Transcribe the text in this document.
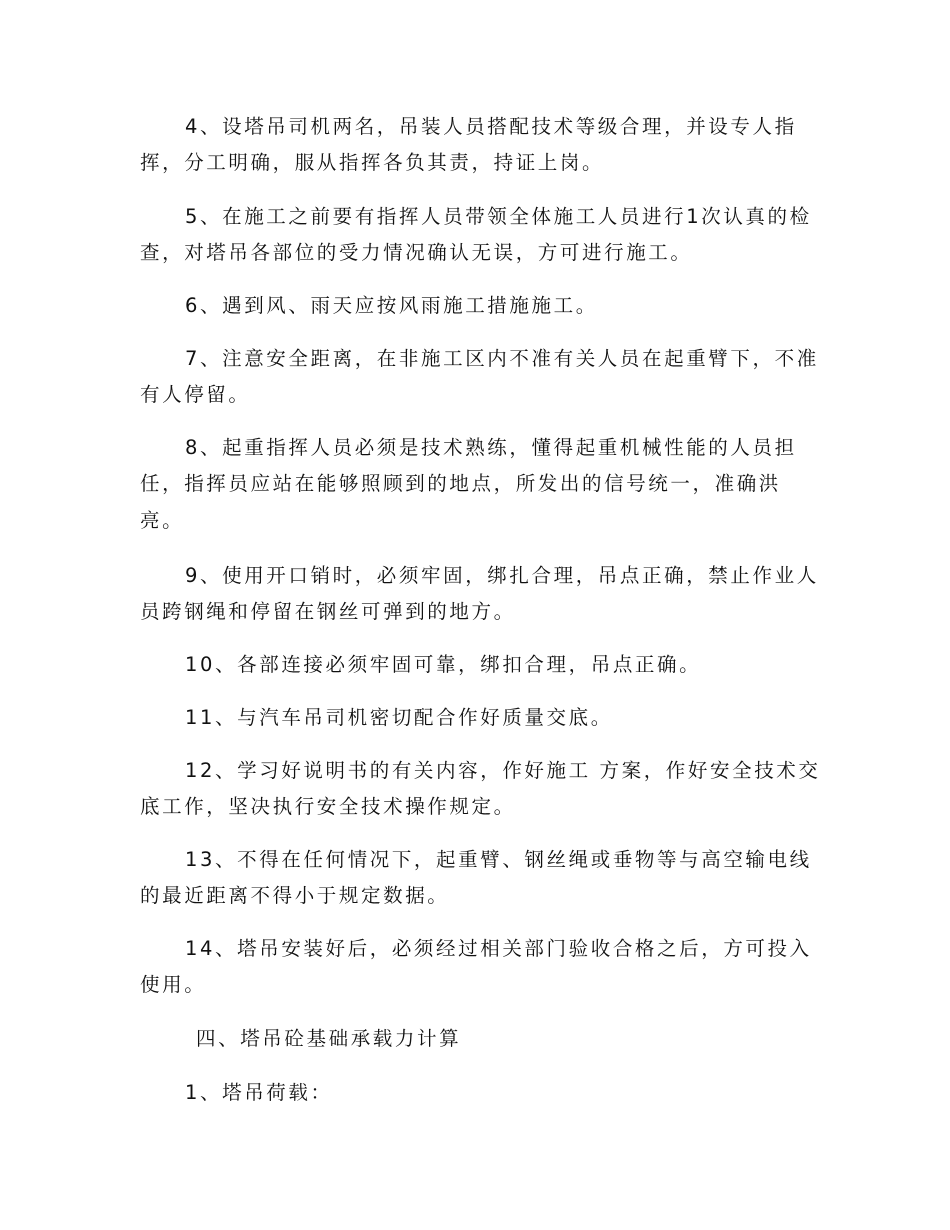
4、设塔吊司机两名，吊装人员搭配技术等级合理，并设专人指
挥，分工明确，服从指挥各负其责，持证上岗。
5、在施工之前要有指挥人员带领全体施工人员进行1次认真的检
查，对塔吊各部位的受力情况确认无误，方可进行施工。
6、遇到风、雨天应按风雨施工措施施工。
7、注意安全距离，在非施工区内不准有关人员在起重臂下，不准
有人停留。
8、起重指挥人员必须是技术熟练，懂得起重机械性能的人员担
任，指挥员应站在能够照顾到的地点，所发出的信号统一，准确洪
亮。
9、使用开口销时，必须牢固，绑扎合理，吊点正确，禁止作业人
员跨钢绳和停留在钢丝可弹到的地方。
10、各部连接必须牢固可靠，绑扣合理，吊点正确。
11、与汽车吊司机密切配合作好质量交底。
12、学习好说明书的有关内容，作好施工 方案，作好安全技术交
底工作，坚决执行安全技术操作规定。
13、不得在任何情况下，起重臂、钢丝绳或垂物等与高空输电线
的最近距离不得小于规定数据。
14、塔吊安装好后，必须经过相关部门验收合格之后，方可投入
使用。
四、塔吊砼基础承载力计算
1、塔吊荷载：
